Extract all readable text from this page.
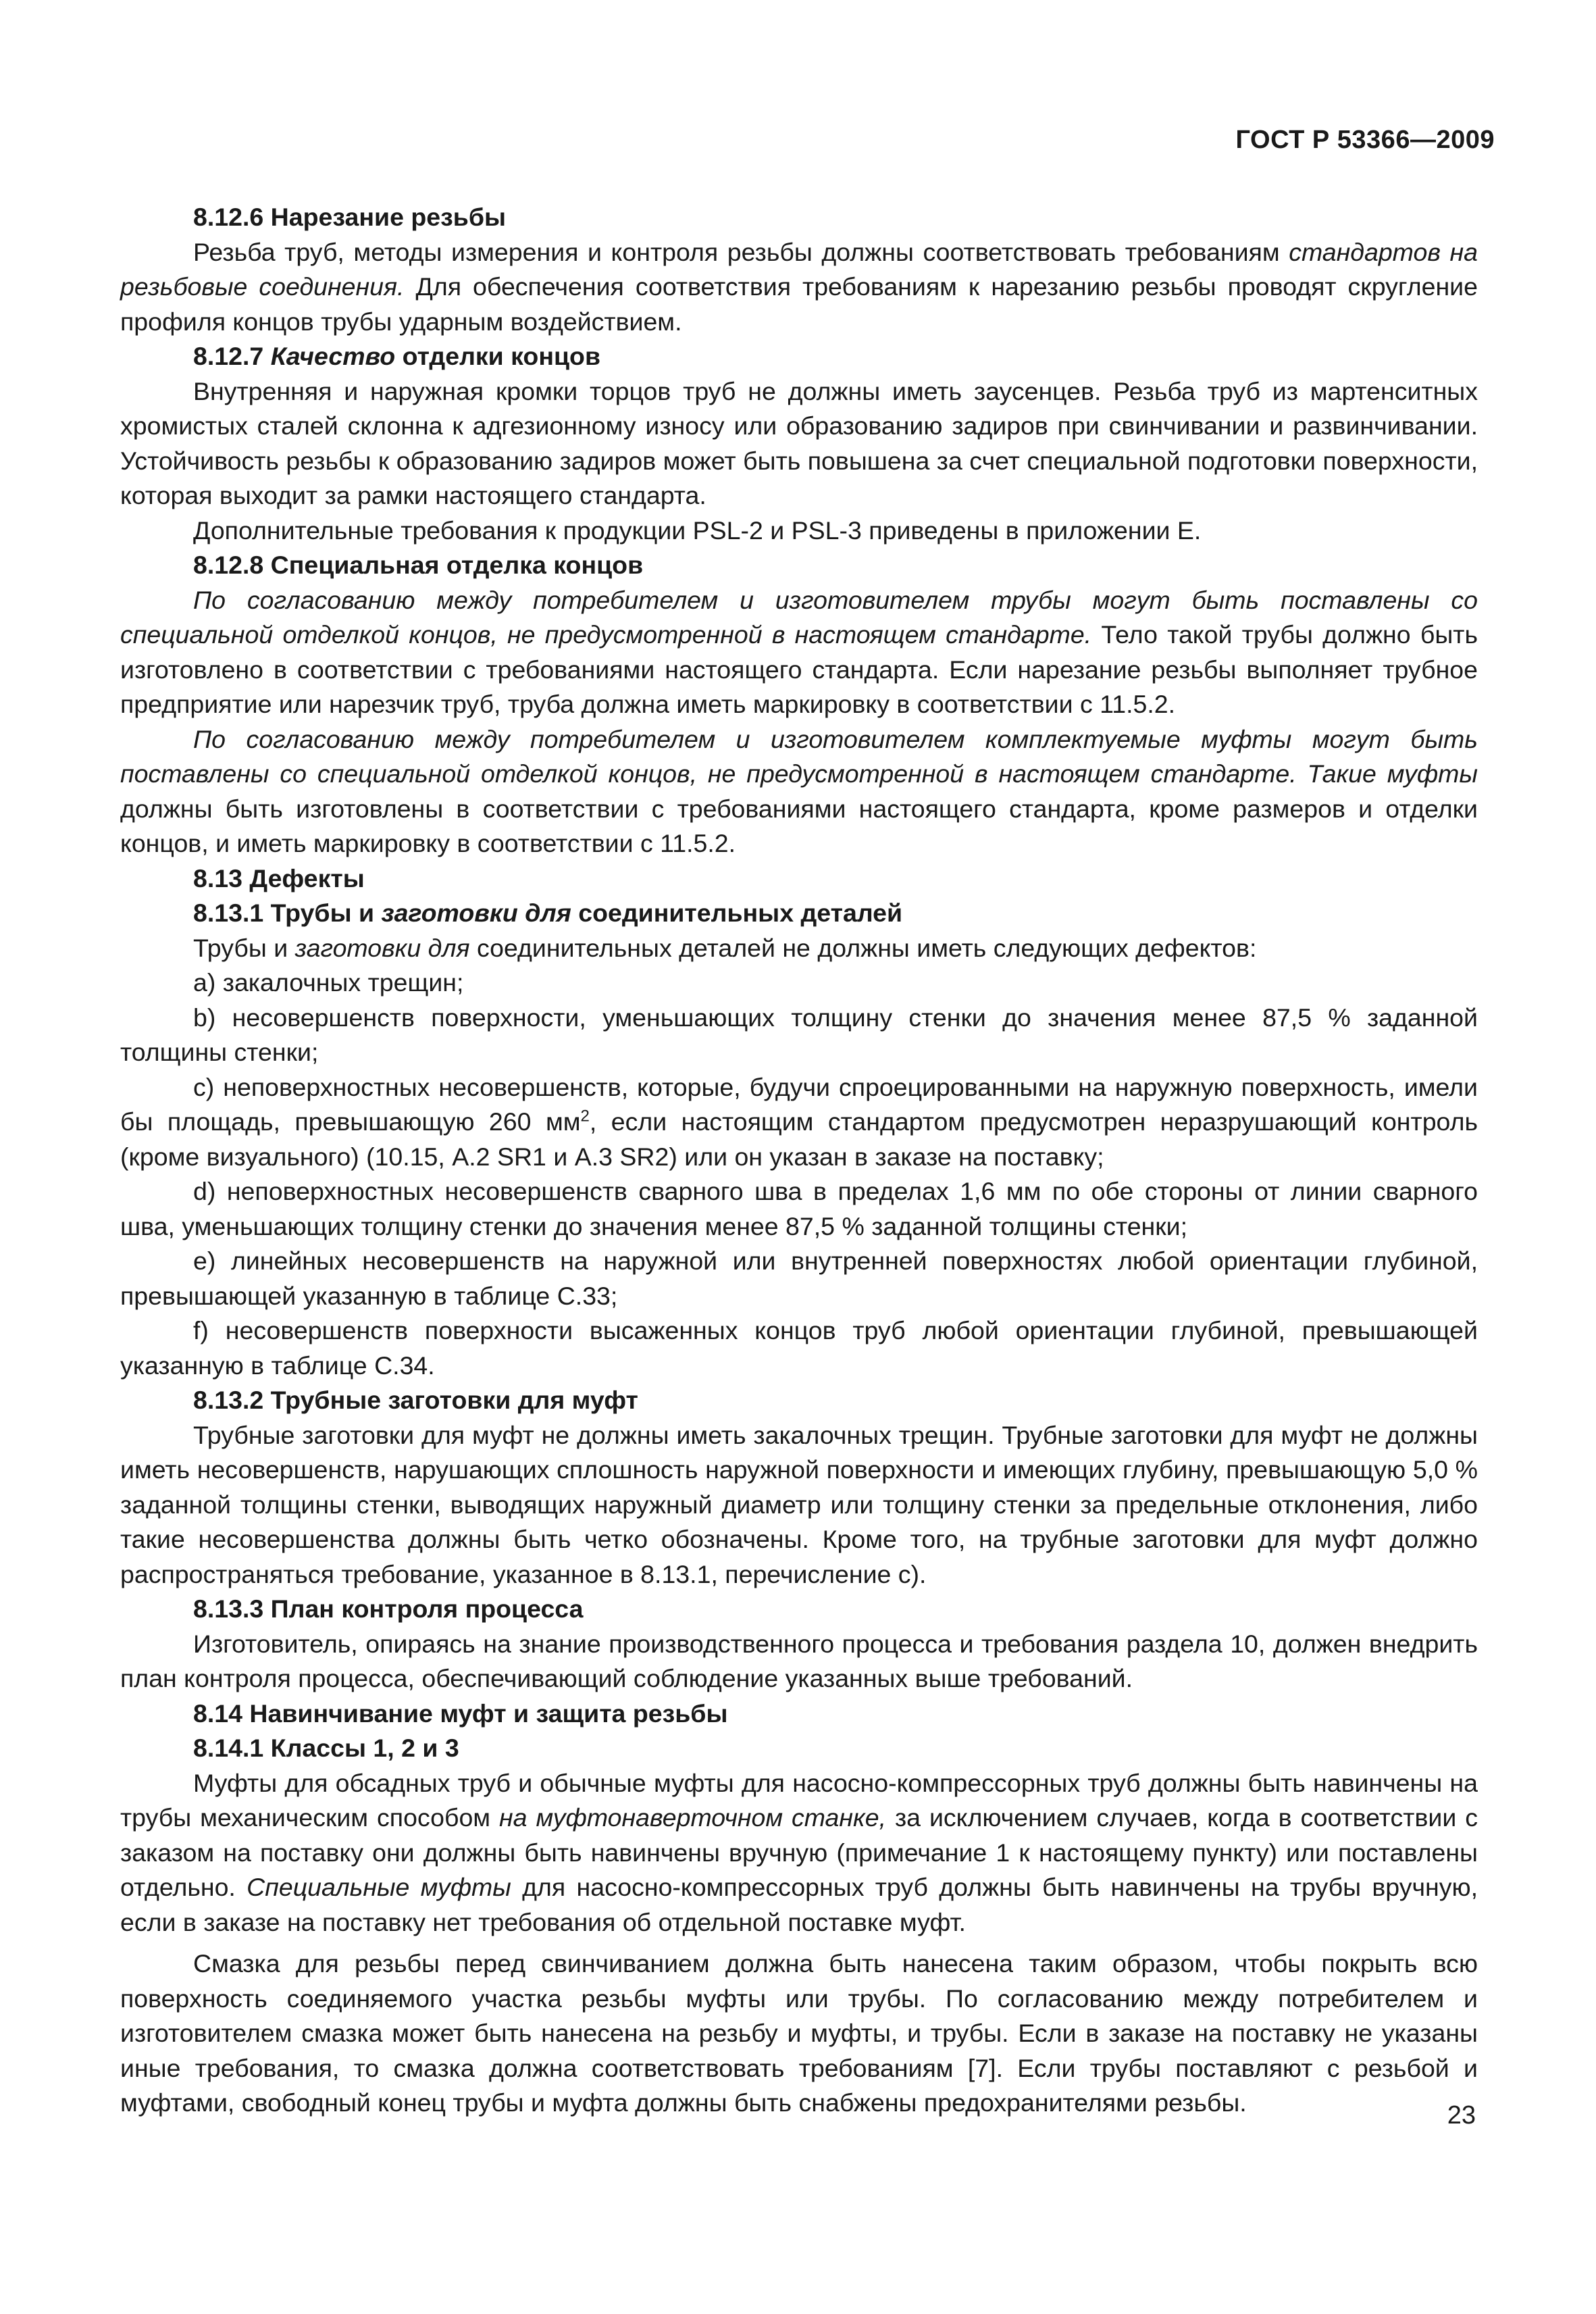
ГОСТ Р 53366—2009
8.12.6 Нарезание резьбы
Резьба труб, методы измерения и контроля резьбы должны соответствовать требованиям стандартов на резьбовые соединения. Для обеспечения соответствия требованиям к нарезанию резьбы проводят скругление профиля концов трубы ударным воздействием.
8.12.7 Качество отделки концов
Внутренняя и наружная кромки торцов труб не должны иметь заусенцев. Резьба труб из мартенситных хромистых сталей склонна к адгезионному износу или образованию задиров при свинчивании и развинчивании. Устойчивость резьбы к образованию задиров может быть повышена за счет специальной подготовки поверхности, которая выходит за рамки настоящего стандарта.
Дополнительные требования к продукции PSL-2 и PSL-3 приведены в приложении E.
8.12.8 Специальная отделка концов
По согласованию между потребителем и изготовителем трубы могут быть поставлены со специальной отделкой концов, не предусмотренной в настоящем стандарте. Тело такой трубы должно быть изготовлено в соответствии с требованиями настоящего стандарта. Если нарезание резьбы выполняет трубное предприятие или нарезчик труб, труба должна иметь маркировку в соответствии с 11.5.2.
По согласованию между потребителем и изготовителем комплектуемые муфты могут быть поставлены со специальной отделкой концов, не предусмотренной в настоящем стандарте. Такие муфты должны быть изготовлены в соответствии с требованиями настоящего стандарта, кроме размеров и отделки концов, и иметь маркировку в соответствии с 11.5.2.
8.13 Дефекты
8.13.1 Трубы и заготовки для соединительных деталей
Трубы и заготовки для соединительных деталей не должны иметь следующих дефектов:
a) закалочных трещин;
b) несовершенств поверхности, уменьшающих толщину стенки до значения менее 87,5 % заданной толщины стенки;
c) неповерхностных несовершенств, которые, будучи спроецированными на наружную поверхность, имели бы площадь, превышающую 260 $мм^2$, если настоящим стандартом предусмотрен неразрушающий контроль (кроме визуального) (10.15, A.2 SR1 и A.3 SR2) или он указан в заказе на поставку;
d) неповерхностных несовершенств сварного шва в пределах 1,6 мм по обе стороны от линии сварного шва, уменьшающих толщину стенки до значения менее 87,5 % заданной толщины стенки;
e) линейных несовершенств на наружной или внутренней поверхностях любой ориентации глубиной, превышающей указанную в таблице C.33;
f) несовершенств поверхности высаженных концов труб любой ориентации глубиной, превышающей указанную в таблице C.34.
8.13.2 Трубные заготовки для муфт
Трубные заготовки для муфт не должны иметь закалочных трещин. Трубные заготовки для муфт не должны иметь несовершенств, нарушающих сплошность наружной поверхности и имеющих глубину, превышающую 5,0 % заданной толщины стенки, выводящих наружный диаметр или толщину стенки за предельные отклонения, либо такие несовершенства должны быть четко обозначены. Кроме того, на трубные заготовки для муфт должно распространяться требование, указанное в 8.13.1, перечисление c).
8.13.3 План контроля процесса
Изготовитель, опираясь на знание производственного процесса и требования раздела 10, должен внедрить план контроля процесса, обеспечивающий соблюдение указанных выше требований.
8.14 Навинчивание муфт и защита резьбы
8.14.1 Классы 1, 2 и 3
Муфты для обсадных труб и обычные муфты для насосно-компрессорных труб должны быть навинчены на трубы механическим способом на муфтонаверточном станке, за исключением случаев, когда в соответствии с заказом на поставку они должны быть навинчены вручную (примечание 1 к настоящему пункту) или поставлены отдельно. Специальные муфты для насосно-компрессорных труб должны быть навинчены на трубы вручную, если в заказе на поставку нет требования об отдельной поставке муфт.
Смазка для резьбы перед свинчиванием должна быть нанесена таким образом, чтобы покрыть всю поверхность соединяемого участка резьбы муфты или трубы. По согласованию между потребителем и изготовителем смазка может быть нанесена на резьбу и муфты, и трубы. Если в заказе на поставку не указаны иные требования, то смазка должна соответствовать требованиям [7]. Если трубы поставляют с резьбой и муфтами, свободный конец трубы и муфта должны быть снабжены предохранителями резьбы.	23
